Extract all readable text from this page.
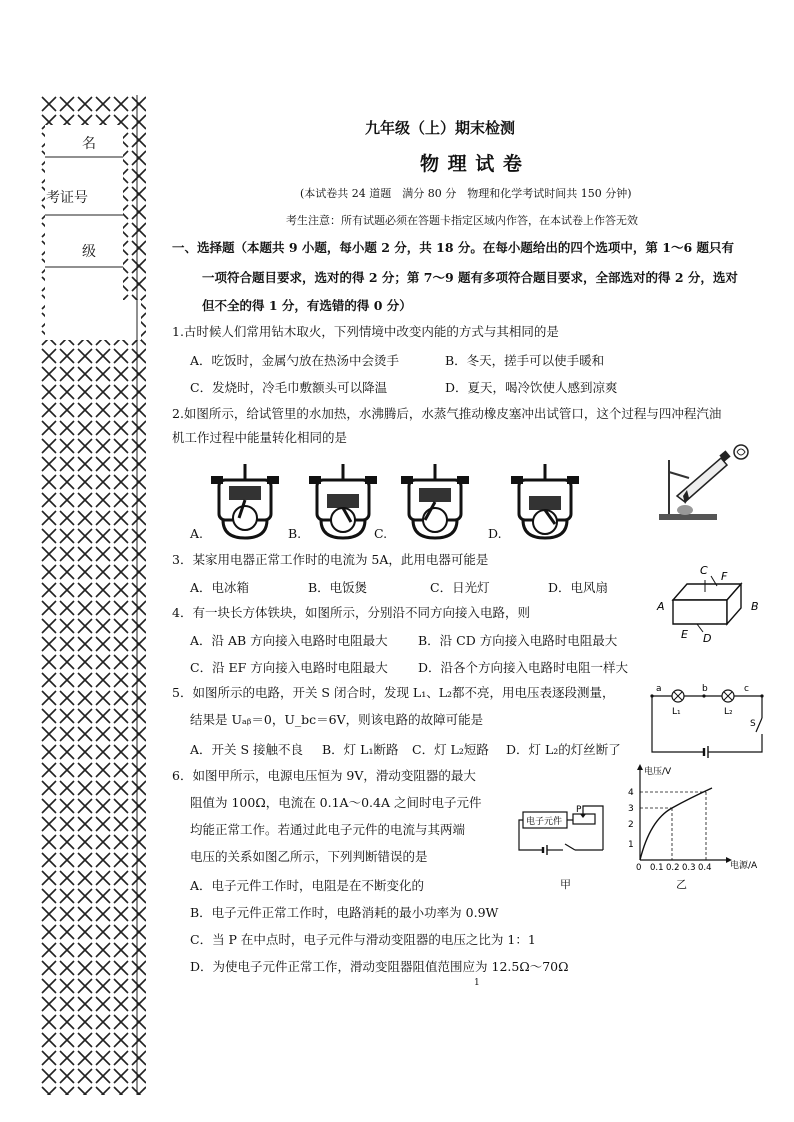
名
考证号
级
九年级（上）期末检测
物 理 试 卷
(本试卷共 24 道题　满分 80 分　物理和化学考试时间共 150 分钟)
考生注意：所有试题必须在答题卡指定区域内作答，在本试卷上作答无效
一、选择题（本题共 9 小题，每小题 2 分，共 18 分。在每小题给出的四个选项中，第 1～6 题只有
一项符合题目要求，选对的得 2 分；第 7～9 题有多项符合题目要求，全部选对的得 2 分，选对
但不全的得 1 分，有选错的得 0 分）
1.古时候人们常用钻木取火，下列情境中改变内能的方式与其相同的是
A．吃饭时，金属勺放在热汤中会烫手	B．冬天，搓手可以使手暖和
C．发烧时，冷毛巾敷额头可以降温	D．夏天，喝冷饮使人感到凉爽
2.如图所示，给试管里的水加热，水沸腾后，水蒸气推动橡皮塞冲出试管口，这个过程与四冲程汽油
机工作过程中能量转化相同的是
A.	B.	C.	D.
3．某家用电器正常工作时的电流为 5A，此用电器可能是
A．电冰箱	B．电饭煲	C．日光灯	D．电风扇
C F
A	B
E D
4．有一块长方体铁块，如图所示，分别沿不同方向接入电路，则
A．沿 AB 方向接入电路时电阻最大 B．沿 CD 方向接入电路时电阻最大
C．沿 EF 方向接入电路时电阻最大 D．沿各个方向接入电路时电阻一样大
5．如图所示的电路，开关 S 闭合时，发现 L₁、L₂都不亮，用电压表逐段测量，
结果是 Uₐᵦ＝0，U_bc＝6V，则该电路的故障可能是
A．开关 S 接触不良 B．灯 L₁断路 C．灯 L₂短路 D．灯 L₂的灯丝断了
a	b	c
L₁	L₂
S
6．如图甲所示，电源电压恒为 9V，滑动变阻器的最大
阻值为 100Ω，电流在 0.1A～0.4A 之间时电子元件
均能正常工作。若通过此电子元件的电流与其两端
电压的关系如图乙所示，下列判断错误的是
A．电子元件工作时，电阻是在不断变化的
B．电子元件正常工作时，电路消耗的最小功率为 0.9W
C．当 P 在中点时，电子元件与滑动变阻器的电压之比为 1：1
D．为使电子元件正常工作，滑动变阻器阻值范围应为 12.5Ω～70Ω
电子元件
P
甲
电压/V
电源/A
1
2
3
4
0 0.1 0.2 0.3 0.4
乙
1
